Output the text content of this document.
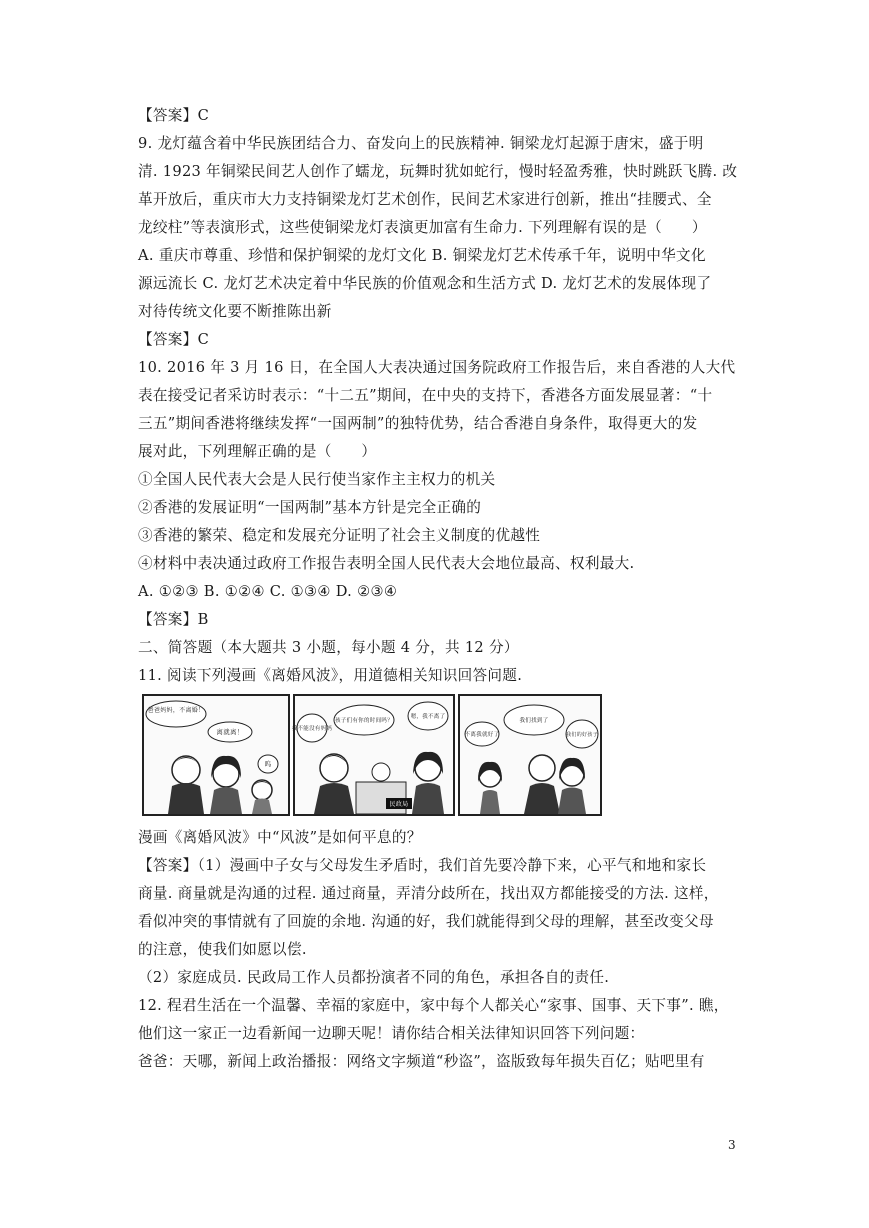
【答案】C
9. 龙灯蕴含着中华民族团结合力、奋发向上的民族精神. 铜梁龙灯起源于唐宋，盛于明
清. 1923 年铜梁民间艺人创作了蠕龙，玩舞时犹如蛇行，慢时轻盈秀雅，快时跳跃飞腾. 改
革开放后，重庆市大力支持铜梁龙灯艺术创作，民间艺术家进行创新，推出“挂腰式、全
龙绞柱”等表演形式，这些使铜梁龙灯表演更加富有生命力. 下列理解有误的是（　　）
A. 重庆市尊重、珍惜和保护铜梁的龙灯文化 B. 铜梁龙灯艺术传承千年，说明中华文化
源远流长 C. 龙灯艺术决定着中华民族的价值观念和生活方式 D. 龙灯艺术的发展体现了
对待传统文化要不断推陈出新
【答案】C
10. 2016 年 3 月 16 日，在全国人大表决通过国务院政府工作报告后，来自香港的人大代
表在接受记者采访时表示：“十二五”期间，在中央的支持下，香港各方面发展显著：“十
三五”期间香港将继续发挥“一国两制”的独特优势，结合香港自身条件，取得更大的发
展对此，下列理解正确的是（　　）
①全国人民代表大会是人民行使当家作主主权力的机关
②香港的发展证明“一国两制”基本方针是完全正确的
③香港的繁荣、稳定和发展充分证明了社会主义制度的优越性
④材料中表决通过政府工作报告表明全国人民代表大会地位最高、权利最大.
A. ①②③ B. ①②④ C. ①③④ D. ②③④
【答案】B
二、简答题（本大题共 3 小题，每小题 4 分，共 12 分）
11. 阅读下列漫画《离婚风波》，用道德相关知识回答问题.
爸爸妈妈，不离婚！
离就离！
呜
我不能没有妈妈
孩子们有你的时间吗？
嗯，我不离了
民政局
不离我就好了
我们找到了
我们的好孩子
漫画《离婚风波》中“风波”是如何平息的？
【答案】（1）漫画中子女与父母发生矛盾时，我们首先要冷静下来，心平气和地和家长
商量. 商量就是沟通的过程. 通过商量，弄清分歧所在，找出双方都能接受的方法. 这样，
看似冲突的事情就有了回旋的余地. 沟通的好，我们就能得到父母的理解，甚至改变父母
的注意，使我们如愿以偿.
（2）家庭成员. 民政局工作人员都扮演者不同的角色，承担各自的责任.
12. 程君生活在一个温馨、幸福的家庭中，家中每个人都关心“家事、国事、天下事”. 瞧，
他们这一家正一边看新闻一边聊天呢！请你结合相关法律知识回答下列问题：
爸爸：天哪，新闻上政治播报：网络文字频道“秒盗”，盗版致每年损失百亿；贴吧里有
3
